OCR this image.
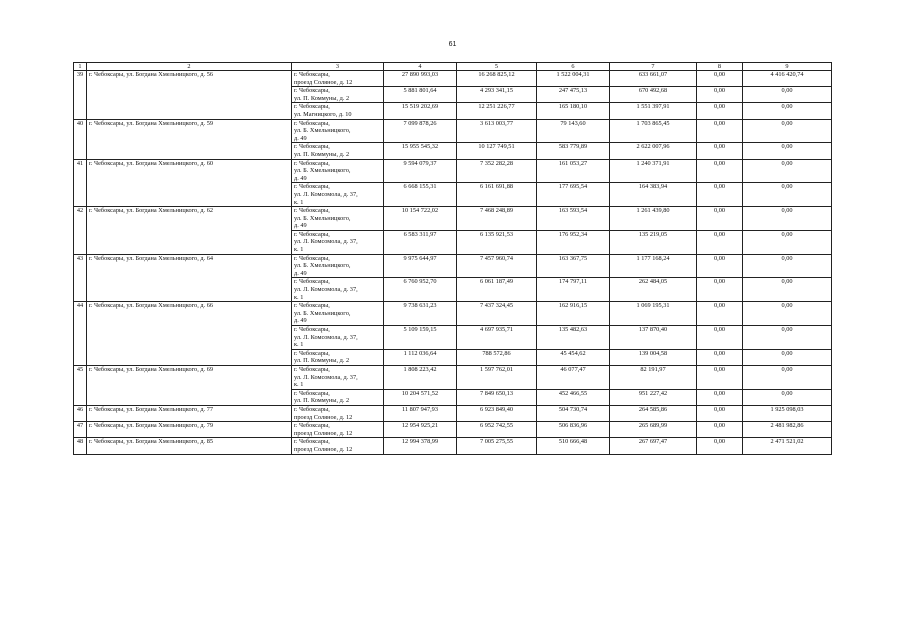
61
1	2	3	4	5	6	7	8	9
39	г. Чебоксары, ул. Богдана Хмельницкого, д. 56	г. Чебоксары,
проезд Соляное, д. 12	27 890 993,03	16 268 825,12	1 522 004,31	633 661,07	0,00	4 416 420,74

		г. Чебоксары,
ул. П. Коммуны, д. 2	5 881 801,64	4 293 341,15	247 475,13	670 492,68	0,00	0,00

		г. Чебоксары,
ул. Магницкого, д. 10	15 519 202,69	12 251 226,77	165 180,10	1 551 397,91	0,00	0,00
40	г. Чебоксары, ул. Богдана Хмельницкого, д. 59	г. Чебоксары,
ул. Б. Хмельницкого,
д. 49	7 099 878,26	3 613 003,77	79 143,60	1 703 865,45	0,00	0,00

		г. Чебоксары,
ул. П. Коммуны, д. 2	15 955 545,32	10 127 749,51	583 779,89	2 622 007,96	0,00	0,00
41	г. Чебоксары, ул. Богдана Хмельницкого, д. 60	г. Чебоксары,
ул. Б. Хмельницкого,
д. 49	9 594 079,37	7 352 282,28	161 053,27	1 240 371,91	0,00	0,00

		г. Чебоксары,
ул. Л. Комсомола, д. 37,
к. 1	6 668 155,31	6 161 691,88	177 695,54	164 383,94	0,00	0,00
42	г. Чебоксары, ул. Богдана Хмельницкого, д. 62	г. Чебоксары,
ул. Б. Хмельницкого,
д. 49	10 154 722,02	7 468 248,89	163 593,54	1 261 439,80	0,00	0,00

		г. Чебоксары,
ул. Л. Комсомола, д. 37,
к. 1	6 583 311,97	6 135 921,53	176 952,34	135 219,05	0,00	0,00
43	г. Чебоксары, ул. Богдана Хмельницкого, д. 64	г. Чебоксары,
ул. Б. Хмельницкого,
д. 49	9 975 644,97	7 457 960,74	163 367,75	1 177 168,24	0,00	0,00

		г. Чебоксары,
ул. Л. Комсомола, д. 37,
к. 1	6 760 952,70	6 061 187,49	174 797,11	262 484,05	0,00	0,00
44	г. Чебоксары, ул. Богдана Хмельницкого, д. 66	г. Чебоксары,
ул. Б. Хмельницкого,
д. 49	9 738 631,23	7 437 324,45	162 916,15	1 069 195,31	0,00	0,00

		г. Чебоксары,
ул. Л. Комсомола, д. 37,
к. 1	5 109 159,15	4 697 935,71	135 482,63	137 870,40	0,00	0,00

		г. Чебоксары,
ул. П. Коммуны, д. 2	1 112 036,64	788 572,86	45 454,62	139 004,58	0,00	0,00
45	г. Чебоксары, ул. Богдана Хмельницкого, д. 69	г. Чебоксары,
ул. Л. Комсомола, д. 37,
к. 1	1 808 223,42	1 597 762,01	46 077,47	82 191,97	0,00	0,00

		г. Чебоксары,
ул. П. Коммуны, д. 2	10 204 571,52	7 849 650,13	452 466,55	951 227,42	0,00	0,00
46	г. Чебоксары, ул. Богдана Хмельницкого, д. 77	г. Чебоксары,
проезд Соляное, д. 12	11 807 947,93	6 923 849,40	504 730,74	264 585,86	0,00	1 925 098,03
47	г. Чебоксары, ул. Богдана Хмельницкого, д. 79	г. Чебоксары,
проезд Соляное, д. 12	12 954 925,21	6 952 742,55	506 836,96	265 689,99	0,00	2 481 982,86
48	г. Чебоксары, ул. Богдана Хмельницкого, д. 85	г. Чебоксары,
проезд Соляное, д. 12	12 994 378,99	7 005 275,55	510 666,48	267 697,47	0,00	2 471 521,02
